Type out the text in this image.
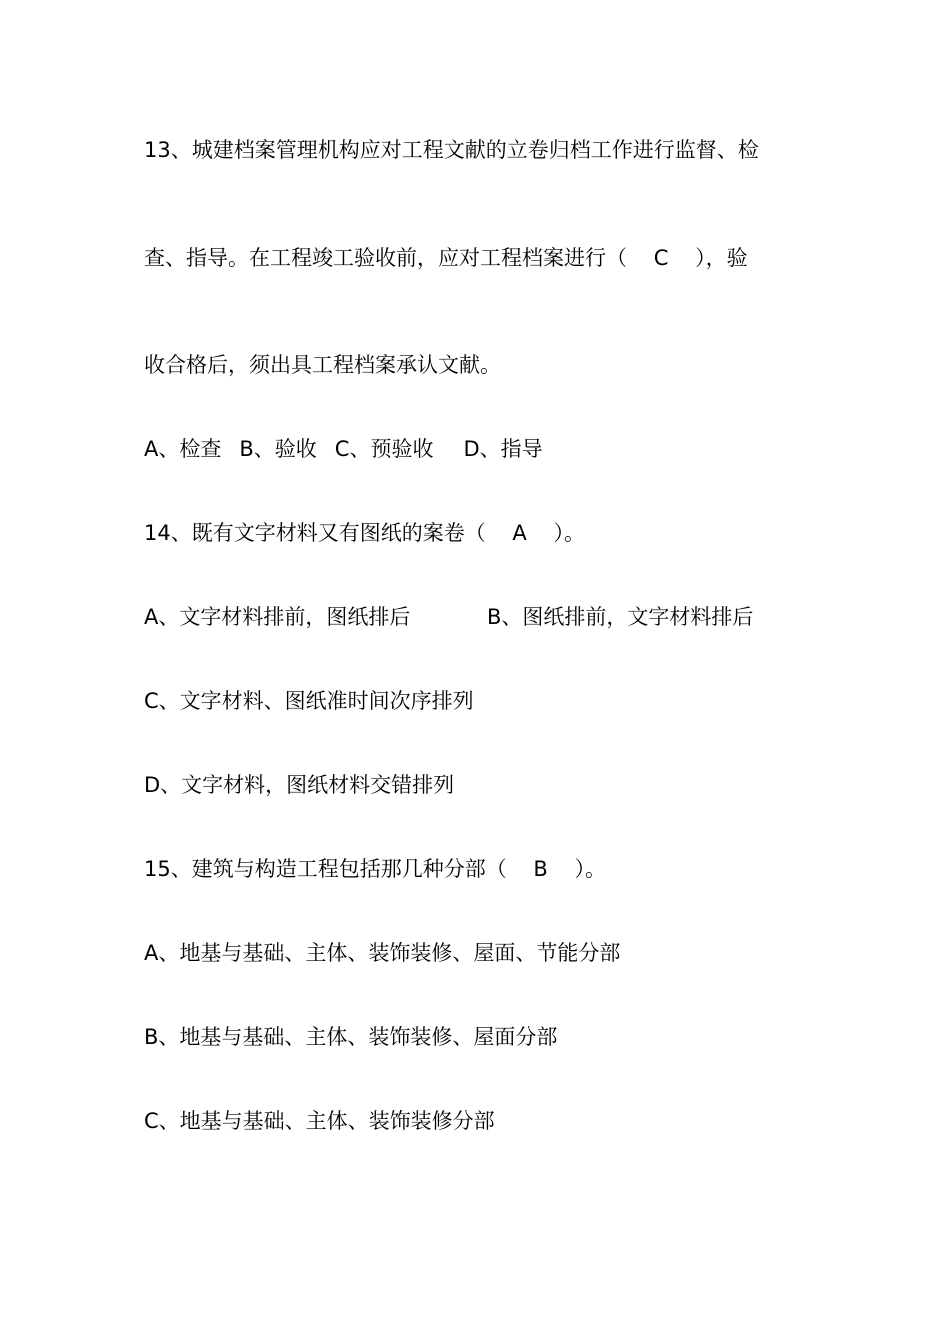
13、城建档案管理机构应对工程文献的立卷归档工作进行监督、检

查、指导。在工程竣工验收前，应对工程档案进行（    C    ），验

收合格后，须出具工程档案承认文献。

A、检查 B、验收 C、预验收 D、指导

14、既有文字材料又有图纸的案卷（    A    ）。

A、文字材料排前，图纸排后	B、图纸排前，文字材料排后

C、文字材料、图纸准时间次序排列

D、文字材料，图纸材料交错排列

15、建筑与构造工程包括那几种分部（    B    ）。

A、地基与基础、主体、装饰装修、屋面、节能分部

B、地基与基础、主体、装饰装修、屋面分部

C、地基与基础、主体、装饰装修分部
